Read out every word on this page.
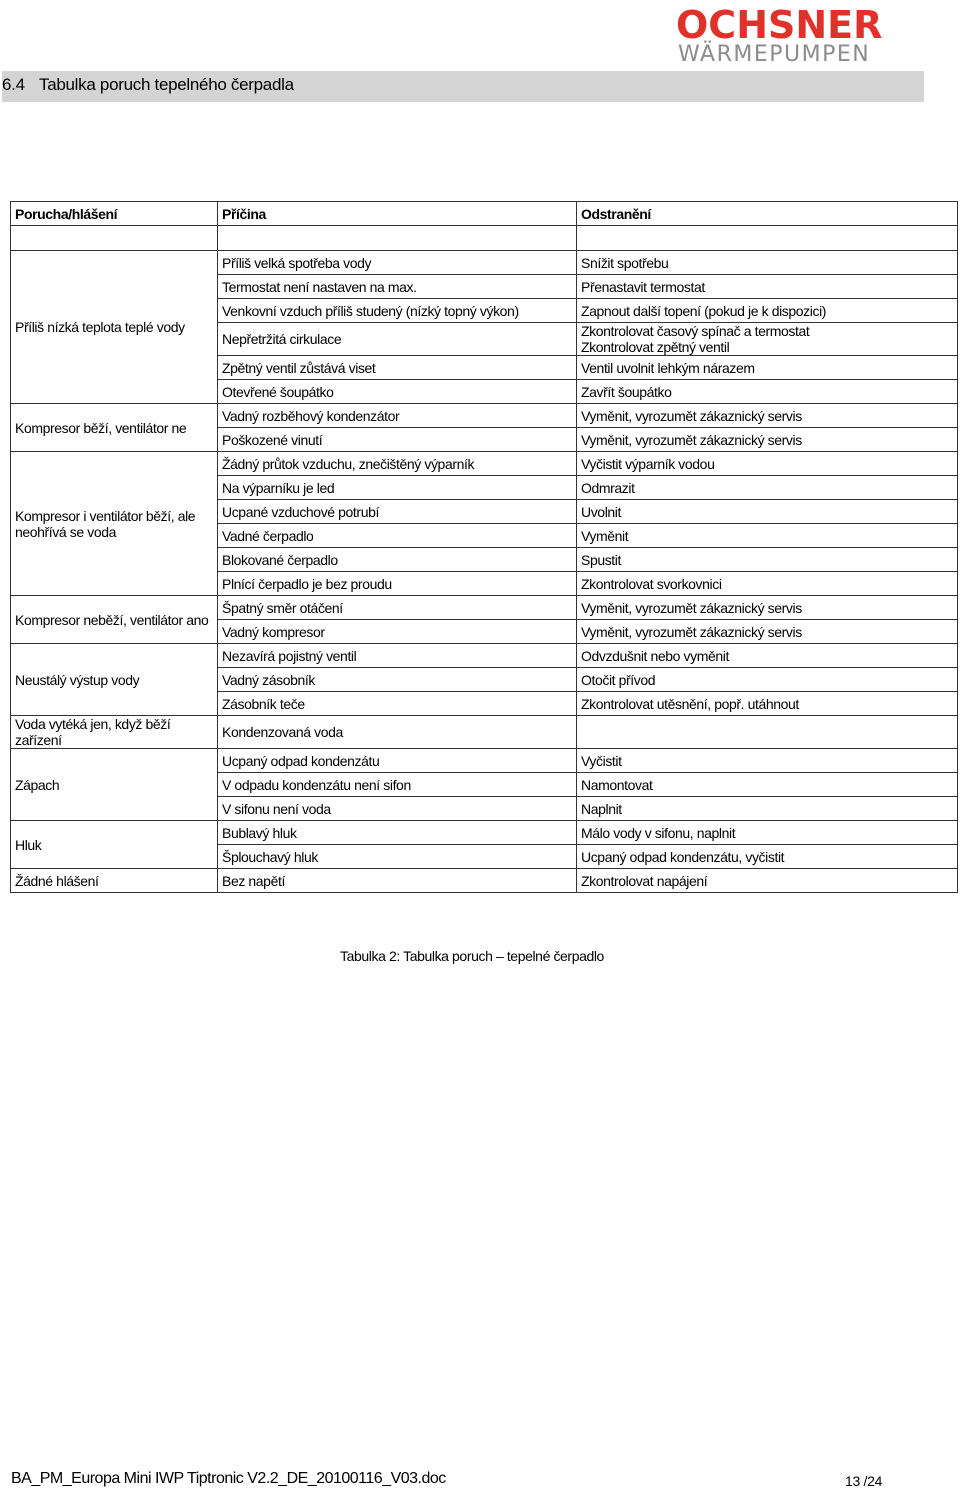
OCHSNER
WÄRMEPUMPEN
6.4 Tabulka poruch tepelného čerpadla
Porucha/hlášení	Příčina	Odstranění

Příliš nízká teplota teplé vody	Příliš velká spotřeba vody	Snížit spotřebu
	Termostat není nastaven na max.	Přenastavit termostat
	Venkovní vzduch příliš studený (nízký topný výkon)	Zapnout další topení (pokud je k dispozici)
	Nepřetržitá cirkulace	Zkontrolovat časový spínač a termostat
Zkontrolovat zpětný ventil
	Zpětný ventil zůstává viset	Ventil uvolnit lehkým nárazem
	Otevřené šoupátko	Zavřít šoupátko
Kompresor běží, ventilátor ne	Vadný rozběhový kondenzátor	Vyměnit, vyrozumět zákaznický servis
	Poškozené vinutí	Vyměnit, vyrozumět zákaznický servis
Kompresor i ventilátor běží, ale neohřívá se voda	Žádný průtok vzduchu, znečištěný výparník	Vyčistit výparník vodou
	Na výparníku je led	Odmrazit
	Ucpané vzduchové potrubí	Uvolnit
	Vadné čerpadlo	Vyměnit
	Blokované čerpadlo	Spustit
	Plnící čerpadlo je bez proudu	Zkontrolovat svorkovnici
Kompresor neběží, ventilátor ano	Špatný směr otáčení	Vyměnit, vyrozumět zákaznický servis
	Vadný kompresor	Vyměnit, vyrozumět zákaznický servis
Neustálý výstup vody	Nezavírá pojistný ventil	Odvzdušnit nebo vyměnit
	Vadný zásobník	Otočit přívod
	Zásobník teče	Zkontrolovat utěsnění, popř. utáhnout
Voda vytéká jen, když běží zařízení	Kondenzovaná voda	
Zápach	Ucpaný odpad kondenzátu	Vyčistit
	V odpadu kondenzátu není sifon	Namontovat
	V sifonu není voda	Naplnit
Hluk	Bublavý hluk	Málo vody v sifonu, naplnit
	Šplouchavý hluk	Ucpaný odpad kondenzátu, vyčistit
Žádné hlášení	Bez napětí	Zkontrolovat napájení
Tabulka 2: Tabulka poruch – tepelné čerpadlo
BA_PM_Europa Mini IWP Tiptronic V2.2_DE_20100116_V03.doc	13 /24
